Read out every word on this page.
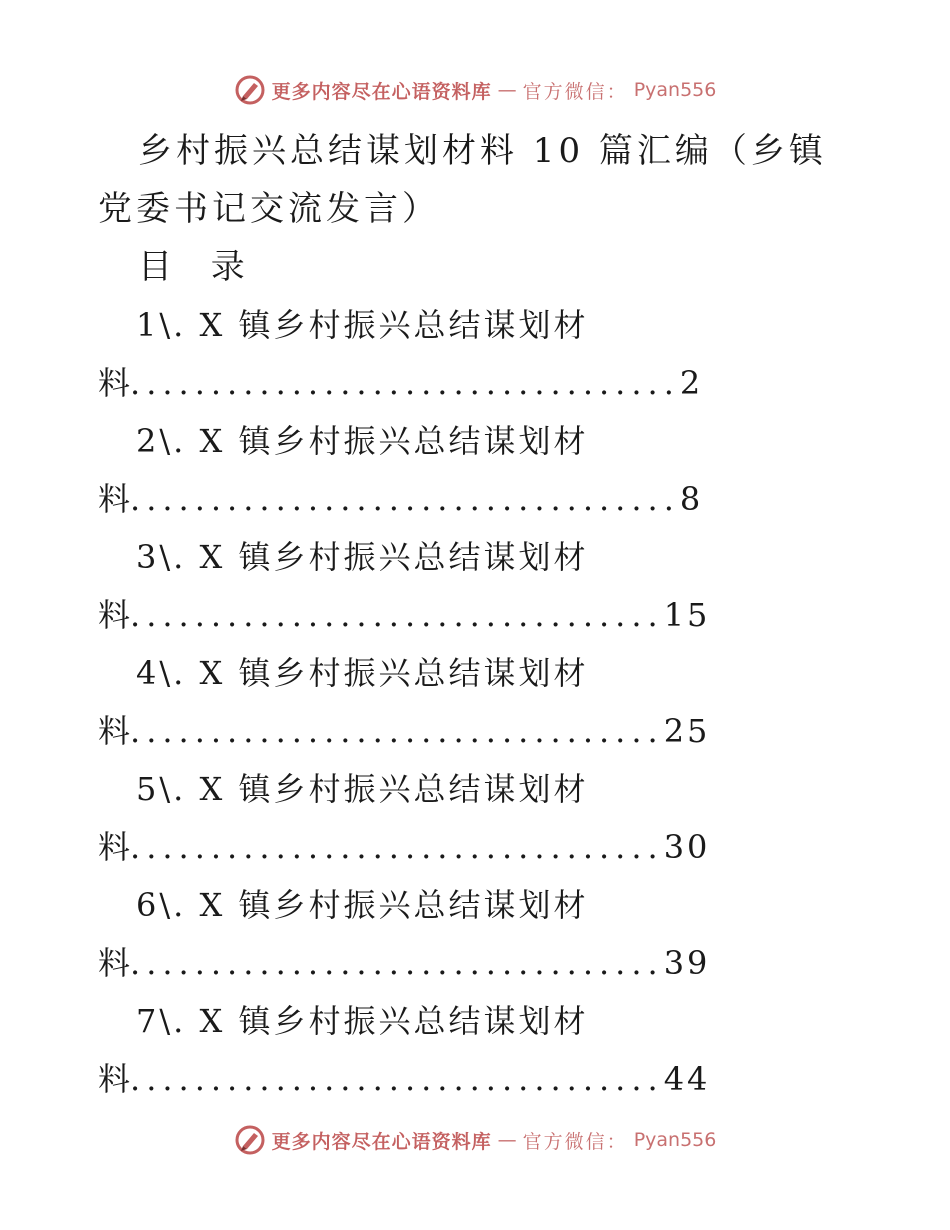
更多内容尽在心语资料库 — 官方微信： Pyan556
乡村振兴总结谋划材料 10 篇汇编（乡镇党委书记交流发言）
目 录
1\. X 镇乡村振兴总结谋划材
料 .................................. 2
2\. X 镇乡村振兴总结谋划材
料 .................................. 8
3\. X 镇乡村振兴总结谋划材
料 ................................. 15
4\. X 镇乡村振兴总结谋划材
料 ................................. 25
5\. X 镇乡村振兴总结谋划材
料 ................................. 30
6\. X 镇乡村振兴总结谋划材
料 ................................. 39
7\. X 镇乡村振兴总结谋划材
料 ................................. 44
更多内容尽在心语资料库 — 官方微信： Pyan556
